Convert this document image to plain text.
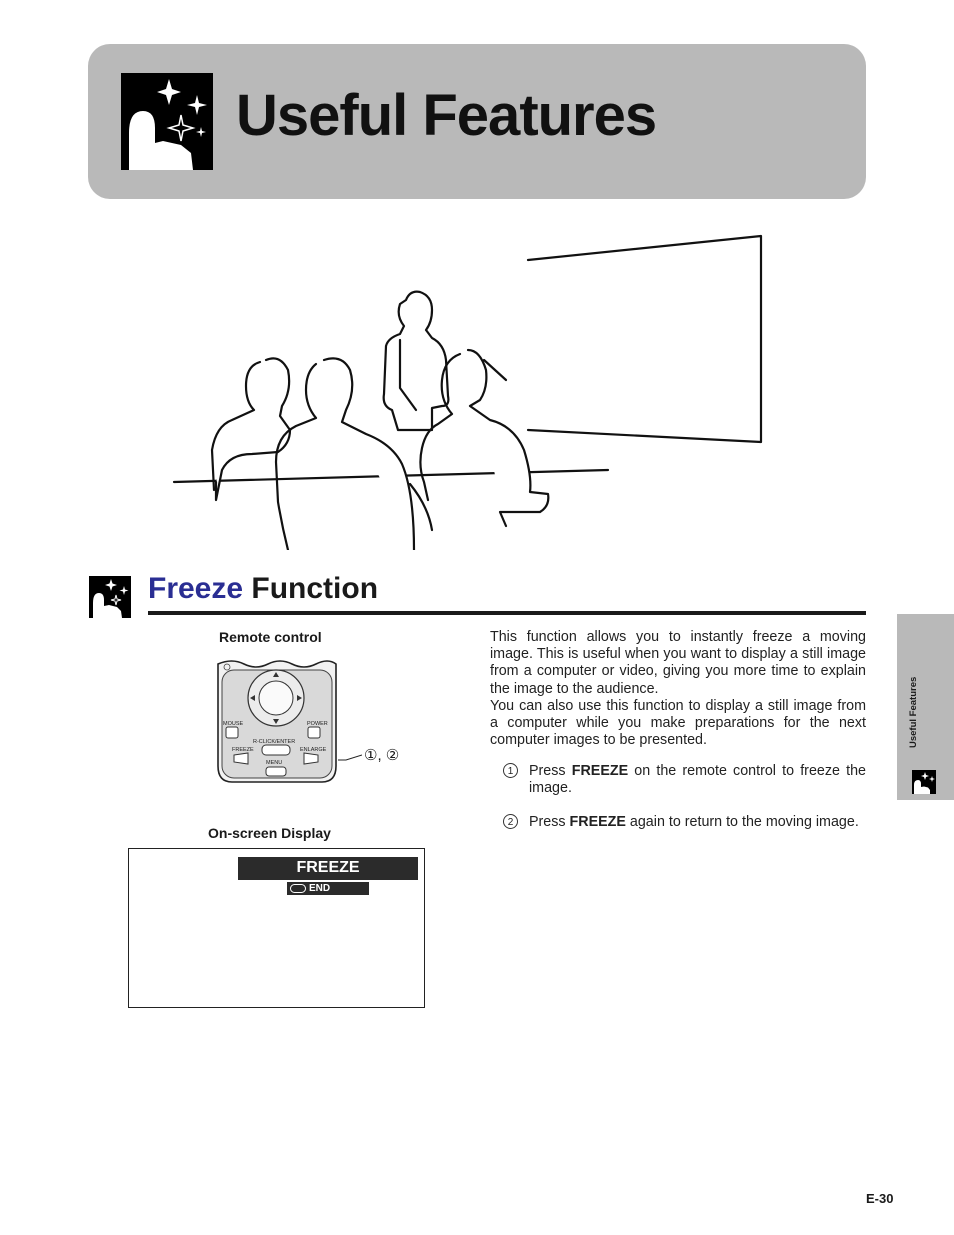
Useful Features
Freeze Function
Remote control
MOUSE	POWER
R-CLICK/ENTER
FREEZE	ENLARGE
MENU	①, ②
On-screen Display
FREEZE
END

This function allows you to instantly freeze a moving image. This is useful when you want to display a still image from a computer or video, giving you more time to explain the image to the audience.

You can also use this function to display a still image from a computer while you make preparations for the next computer images to be presented.

1	Press FREEZE on the remote control to freeze the image.
2	Press FREEZE again to return to the moving image.
Useful Features
E-30
